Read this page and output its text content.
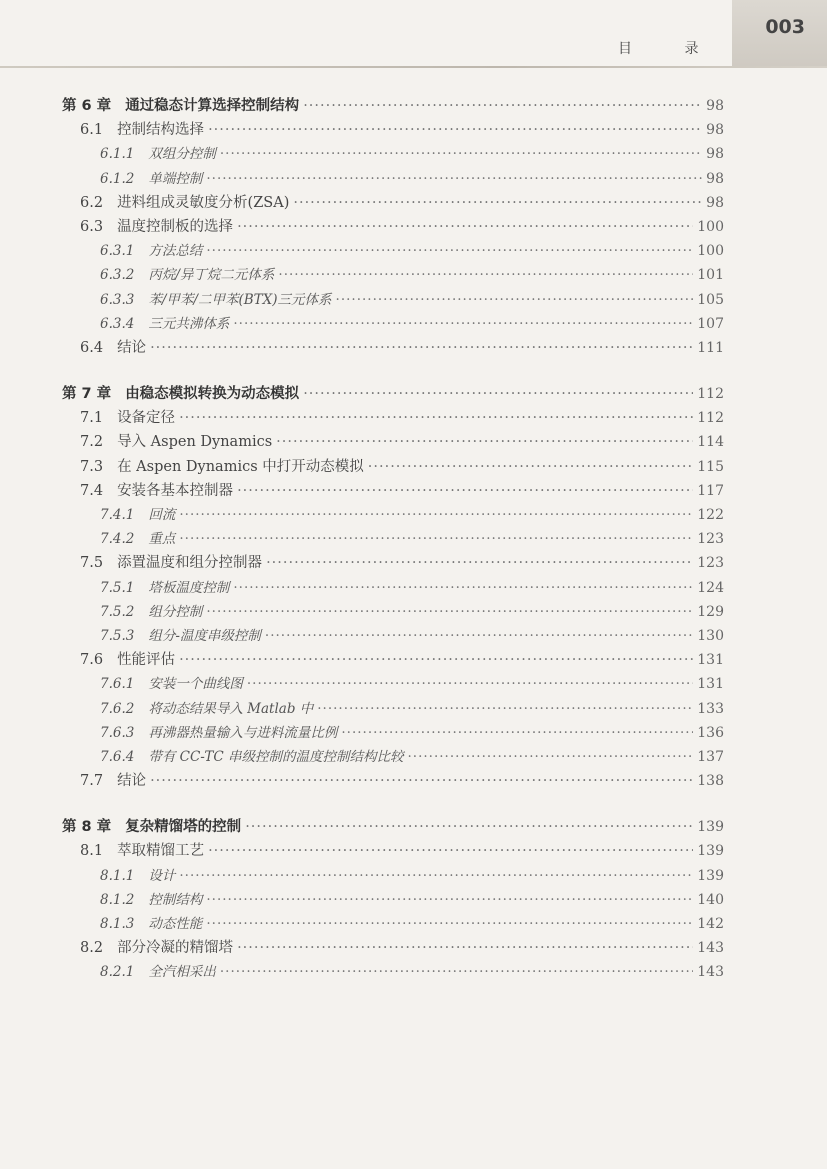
003
目 录
第 6 章 通过稳态计算选择控制结构 ·····	98
6.1 控制结构选择 ·····	98
6.1.1 双组分控制 ·····	98
6.1.2 单端控制 ·····	98
6.2 进料组成灵敏度分析(ZSA) ·····	98
6.3 温度控制板的选择 ·····	100
6.3.1 方法总结 ·····	100
6.3.2 丙烷/异丁烷二元体系 ·····	101
6.3.3 苯/甲苯/二甲苯(BTX)三元体系 ·····	105
6.3.4 三元共沸体系 ·····	107
6.4 结论 ·····	111
第 7 章 由稳态模拟转换为动态模拟 ·····	112
7.1 设备定径 ·····	112
7.2 导入 Aspen Dynamics ·····	114
7.3 在 Aspen Dynamics 中打开动态模拟 ·····	115
7.4 安装各基本控制器 ·····	117
7.4.1 回流 ·····	122
7.4.2 重点 ·····	123
7.5 添置温度和组分控制器 ·····	123
7.5.1 塔板温度控制 ·····	124
7.5.2 组分控制 ·····	129
7.5.3 组分-温度串级控制 ·····	130
7.6 性能评估 ·····	131
7.6.1 安装一个曲线图 ·····	131
7.6.2 将动态结果导入 Matlab 中 ·····	133
7.6.3 再沸器热量输入与进料流量比例 ·····	136
7.6.4 带有 CC-TC 串级控制的温度控制结构比较 ·····	137
7.7 结论 ·····	138
第 8 章 复杂精馏塔的控制 ·····	139
8.1 萃取精馏工艺 ·····	139
8.1.1 设计 ·····	139
8.1.2 控制结构 ·····	140
8.1.3 动态性能 ·····	142
8.2 部分冷凝的精馏塔 ·····	143
8.2.1 全汽相采出 ·····	143
